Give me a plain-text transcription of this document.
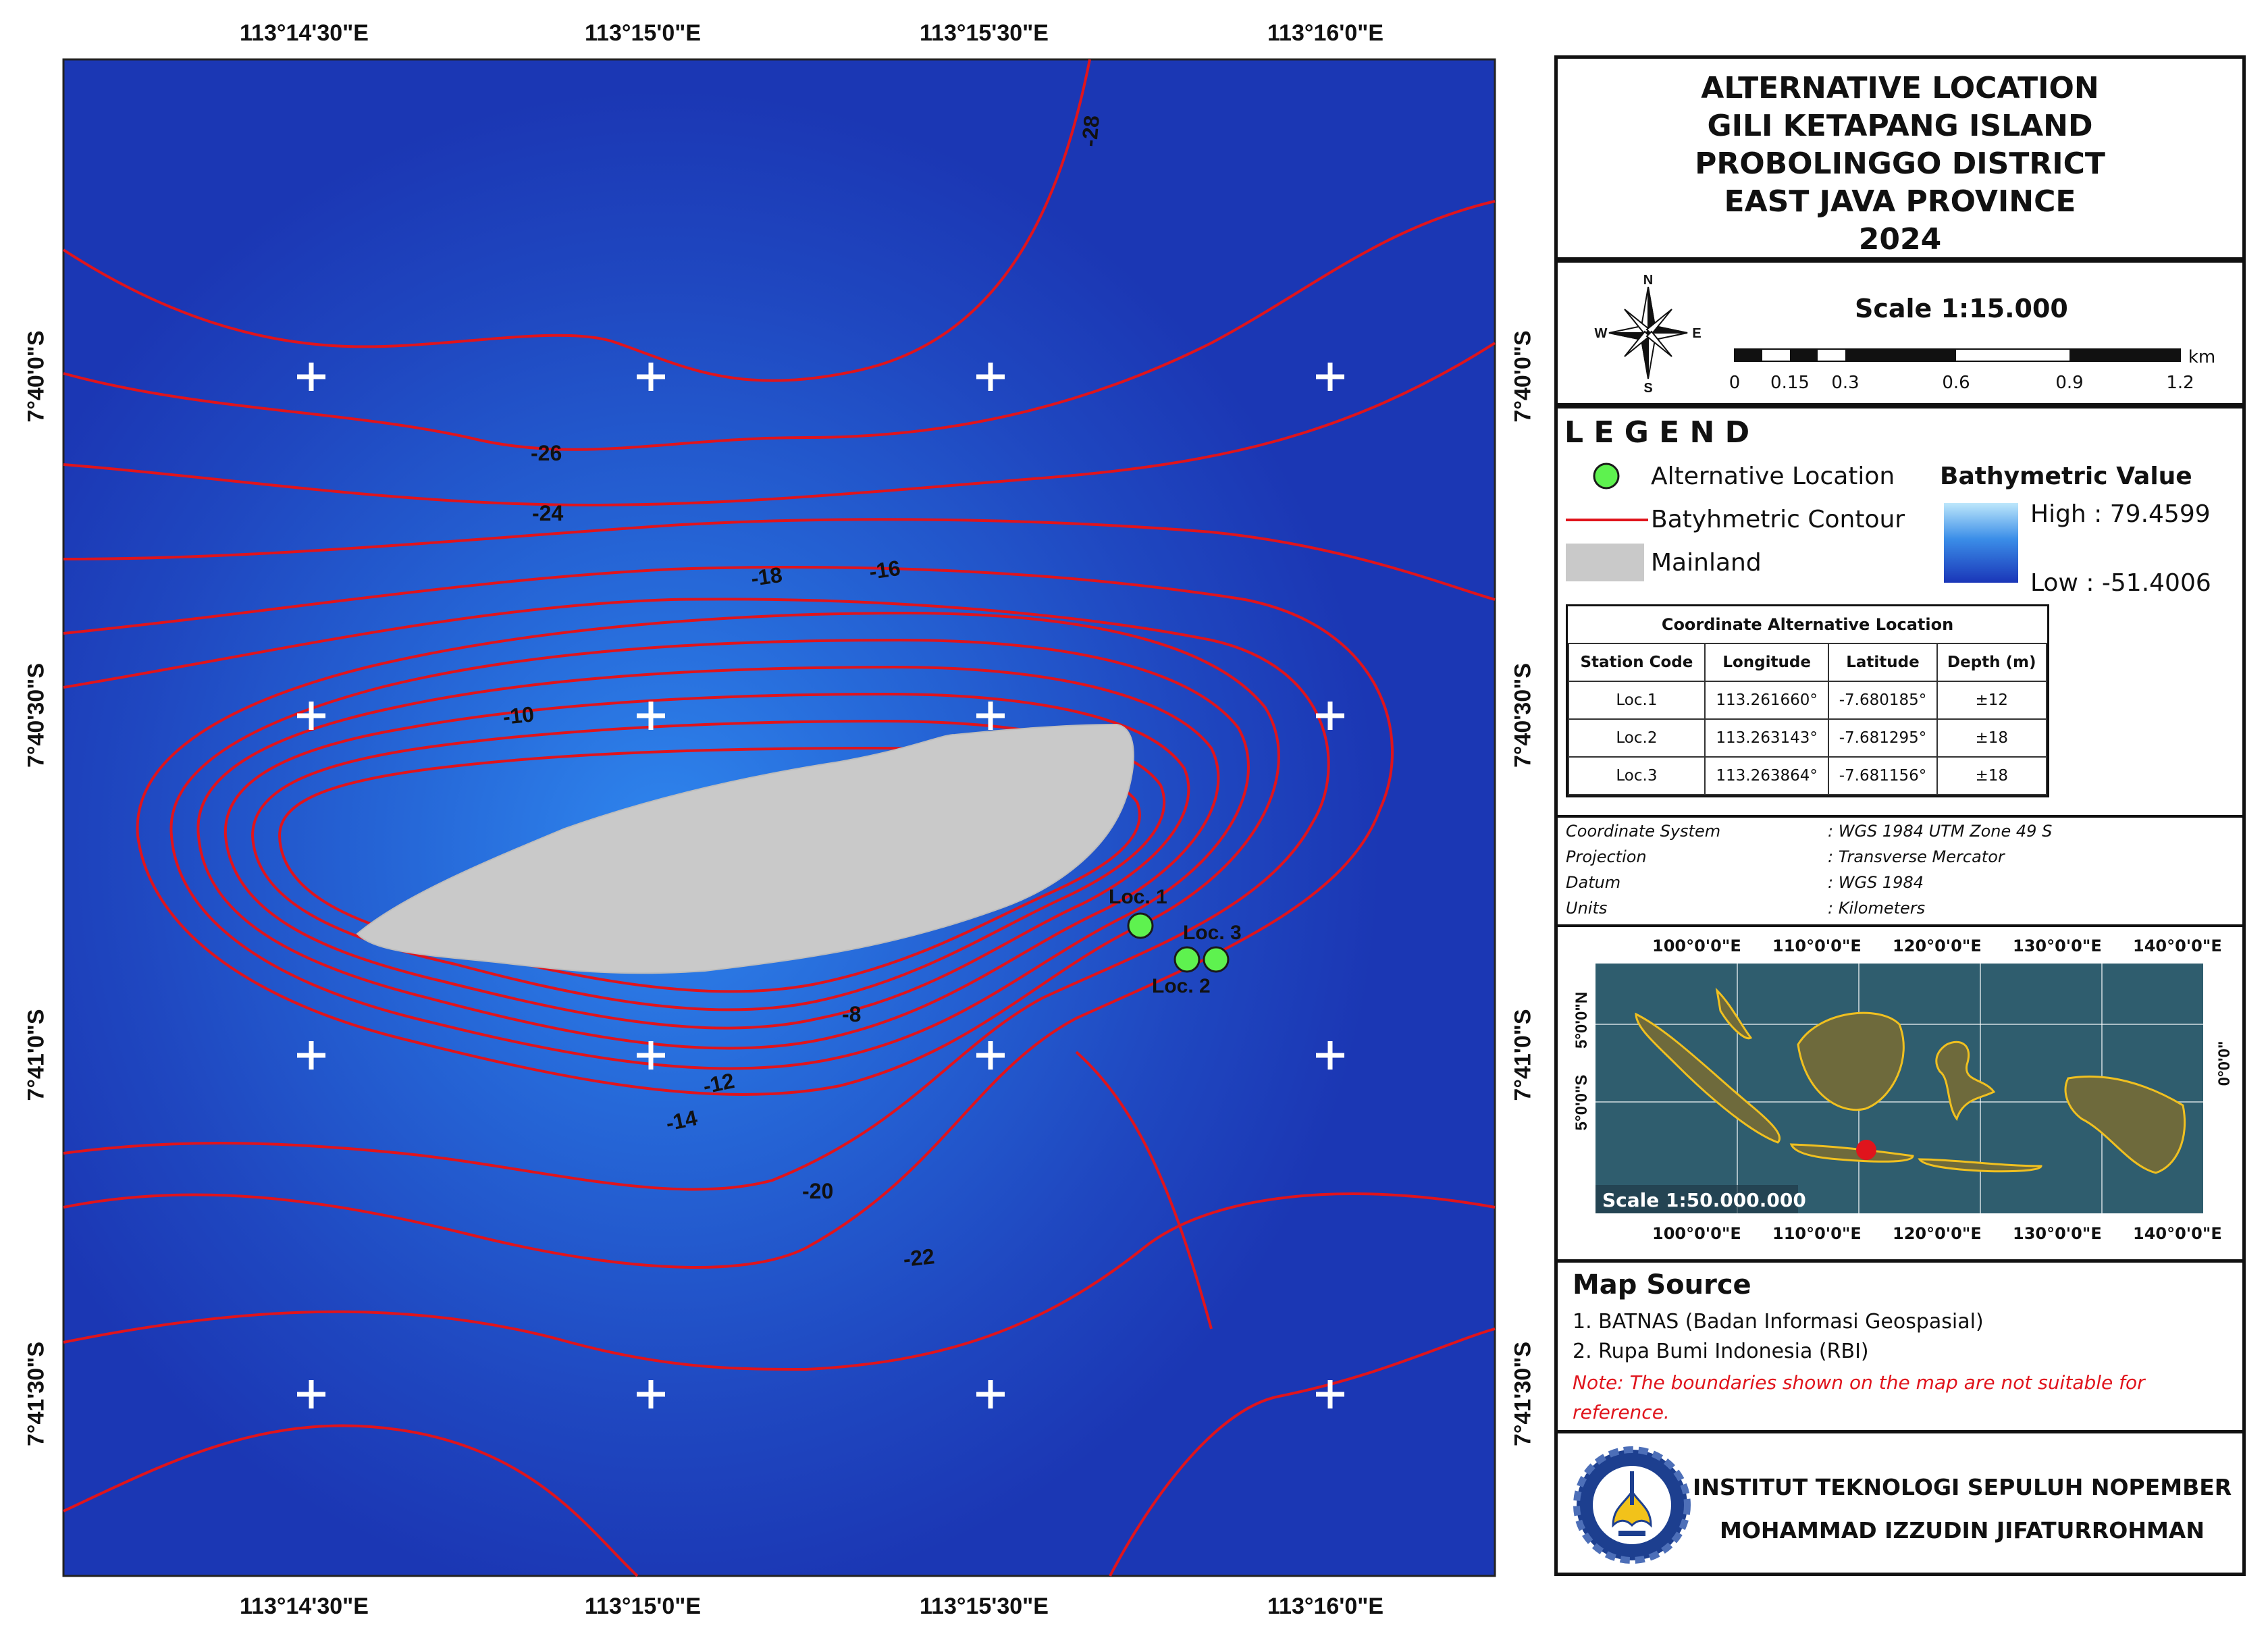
-28
-26
-24
-18	-16
-10
-8
-12
-14
-20
-22
Loc. 1
Loc. 2
Loc. 3
113°14'30"E	113°15'0"E	113°15'30"E	113°16'0"E
113°14'30"E	113°15'0"E	113°15'30"E	113°16'0"E
7°40'0"S
7°40'30"S
7°41'0"S
7°41'30"S
7°40'0"S
7°40'30"S
7°41'0"S
7°41'30"S
ALTERNATIVE LOCATION
GILI KETAPANG ISLAND
PROBOLINGGO DISTRICT
EAST JAVA PROVINCE
2024
N
S
W	E
Scale 1:15.000
0 0.15 0.3	0.6	0.9	1.2
km
L E G E N D
Alternative Location
Batyhmetric Contour
Mainland
Bathymetric Value
High : 79.4599
Low : -51.4006
Coordinate Alternative Location
Station Code	Longitude	Latitude	Depth (m)
Loc.1	113.261660°	-7.680185°	±12
Loc.2	113.263143°	-7.681295°	±18
Loc.3	113.263864°	-7.681156°	±18
Coordinate System	: WGS 1984 UTM Zone 49 S
Projection	: Transverse Mercator
Datum	: WGS 1984
Units	: Kilometers
100°0'0"E 110°0'0"E 120°0'0"E 130°0'0"E 140°0'0"E
Scale 1:50.000.000
5°0'0"N
5°0'0"S
0°0'0"
100°0'0"E 110°0'0"E 120°0'0"E 130°0'0"E 140°0'0"E
Map Source
1. BATNAS (Badan Informasi Geospasial)
2. Rupa Bumi Indonesia (RBI)
Note: The boundaries shown on the map are not suitable for reference.
INSTITUT TEKNOLOGI SEPULUH NOPEMBER
MOHAMMAD IZZUDIN JIFATURROHMAN
